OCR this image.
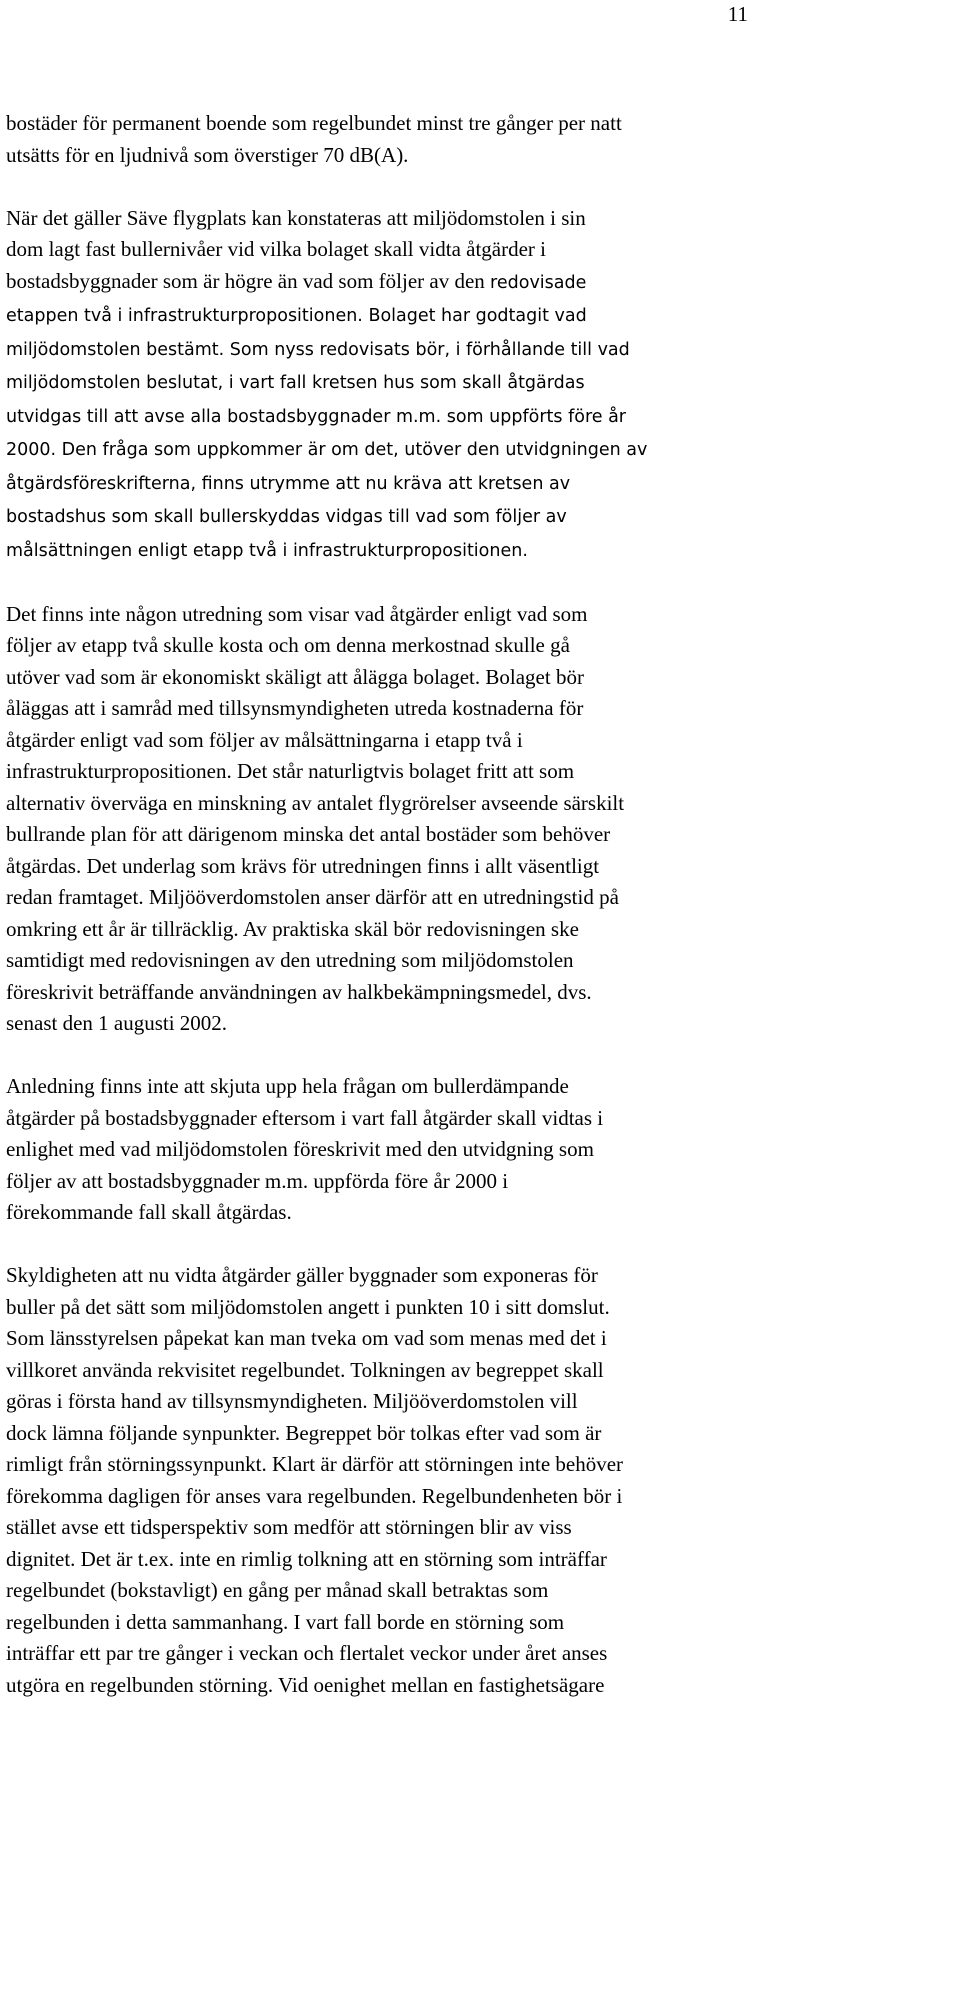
11

bostäder för permanent boende som regelbundet minst tre gånger per natt
utsätts för en ljudnivå som överstiger 70 dB(A).

När det gäller Säve flygplats kan konstateras att miljödomstolen i sin
dom lagt fast bullernivåer vid vilka bolaget skall vidta åtgärder i
bostadsbyggnader som är högre än vad som följer av den redovisade
etappen två i infrastrukturpropositionen. Bolaget har godtagit vad
miljödomstolen bestämt. Som nyss redovisats bör, i förhållande till vad
miljödomstolen beslutat, i vart fall kretsen hus som skall åtgärdas
utvidgas till att avse alla bostadsbyggnader m.m. som uppförts före år
2000. Den fråga som uppkommer är om det, utöver den utvidgningen av
åtgärdsföreskrifterna, finns utrymme att nu kräva att kretsen av
bostadshus som skall bullerskyddas vidgas till vad som följer av
målsättningen enligt etapp två i infrastrukturpropositionen.

Det finns inte någon utredning som visar vad åtgärder enligt vad som
följer av etapp två skulle kosta och om denna merkostnad skulle gå
utöver vad som är ekonomiskt skäligt att ålägga bolaget. Bolaget bör
åläggas att i samråd med tillsynsmyndigheten utreda kostnaderna för
åtgärder enligt vad som följer av målsättningarna i etapp två i
infrastrukturpropositionen. Det står naturligtvis bolaget fritt att som
alternativ överväga en minskning av antalet flygrörelser avseende särskilt
bullrande plan för att därigenom minska det antal bostäder som behöver
åtgärdas. Det underlag som krävs för utredningen finns i allt väsentligt
redan framtaget. Miljööverdomstolen anser därför att en utredningstid på
omkring ett år är tillräcklig. Av praktiska skäl bör redovisningen ske
samtidigt med redovisningen av den utredning som miljödomstolen
föreskrivit beträffande användningen av halkbekämpningsmedel, dvs.
senast den 1 augusti 2002.

Anledning finns inte att skjuta upp hela frågan om bullerdämpande
åtgärder på bostadsbyggnader eftersom i vart fall åtgärder skall vidtas i
enlighet med vad miljödomstolen föreskrivit med den utvidgning som
följer av att bostadsbyggnader m.m. uppförda före år 2000 i
förekommande fall skall åtgärdas.

Skyldigheten att nu vidta åtgärder gäller byggnader som exponeras för
buller på det sätt som miljödomstolen angett i punkten 10 i sitt domslut.
Som länsstyrelsen påpekat kan man tveka om vad som menas med det i
villkoret använda rekvisitet regelbundet. Tolkningen av begreppet skall
göras i första hand av tillsynsmyndigheten. Miljööverdomstolen vill
dock lämna följande synpunkter. Begreppet bör tolkas efter vad som är
rimligt från störningssynpunkt. Klart är därför att störningen inte behöver
förekomma dagligen för anses vara regelbunden. Regelbundenheten bör i
stället avse ett tidsperspektiv som medför att störningen blir av viss
dignitet. Det är t.ex. inte en rimlig tolkning att en störning som inträffar
regelbundet (bokstavligt) en gång per månad skall betraktas som
regelbunden i detta sammanhang. I vart fall borde en störning som
inträffar ett par tre gånger i veckan och flertalet veckor under året anses
utgöra en regelbunden störning. Vid oenighet mellan en fastighetsägare
